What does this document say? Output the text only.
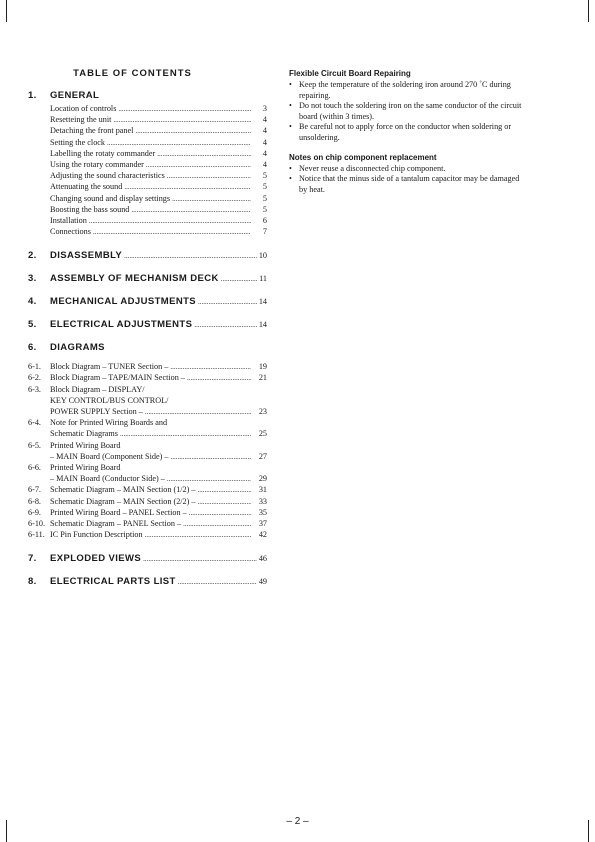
TABLE OF CONTENTS
1.	GENERAL
Location of controls .....	3
Resetteing the unit .....	4
Detaching the front panel .....	4
Setting the clock .....	4
Labelling the rotaty commander .....	4
Using the rotary commander .....	4
Adjusting the sound characteristics .....	5
Attenuating the sound .....	5
Changing sound and display settings .....	5
Boosting the bass sound .....	5
Installation .....	6
Connections .....	7
2.	DISASSEMBLY .....	10
3.	ASSEMBLY OF MECHANISM DECK .....	11
4.	MECHANICAL ADJUSTMENTS .....	14
5.	ELECTRICAL ADJUSTMENTS .....	14
6.	DIAGRAMS
6-1.	Block Diagram – TUNER Section – .....	19
6-2.	Block Diagram – TAPE/MAIN Section – .....	21
6-3.	Block Diagram – DISPLAY/
KEY CONTROL/BUS CONTROL/
POWER SUPPLY Section – .....	23
6-4.	Note for Printed Wiring Boards and
Schematic Diagrams .....	25
6-5.	Printed Wiring Board
– MAIN Board (Component Side) – .....	27
6-6.	Printed Wiring Board
– MAIN Board (Conductor Side) – .....	29
6-7.	Schematic Diagram – MAIN Section (1/2) – .....	31
6-8.	Schematic Diagram – MAIN Section (2/2) – .....	33
6-9.	Printed Wiring Board – PANEL Section – .....	35
6-10. Schematic Diagram – PANEL Section – .....	37
6-11. IC Pin Function Description .....	42
7.	EXPLODED VIEWS .....	46
8.	ELECTRICAL PARTS LIST .....	49
Flexible Circuit Board Repairing
• Keep the temperature of the soldering iron around 270 ˚C during repairing.
• Do not touch the soldering iron on the same conductor of the circuit board (within 3 times).
• Be careful not to apply force on the conductor when soldering or unsoldering.
Notes on chip component replacement
• Never reuse a disconnected chip component.
• Notice that the minus side of a tantalum capacitor may be damaged by heat.
– 2 –
